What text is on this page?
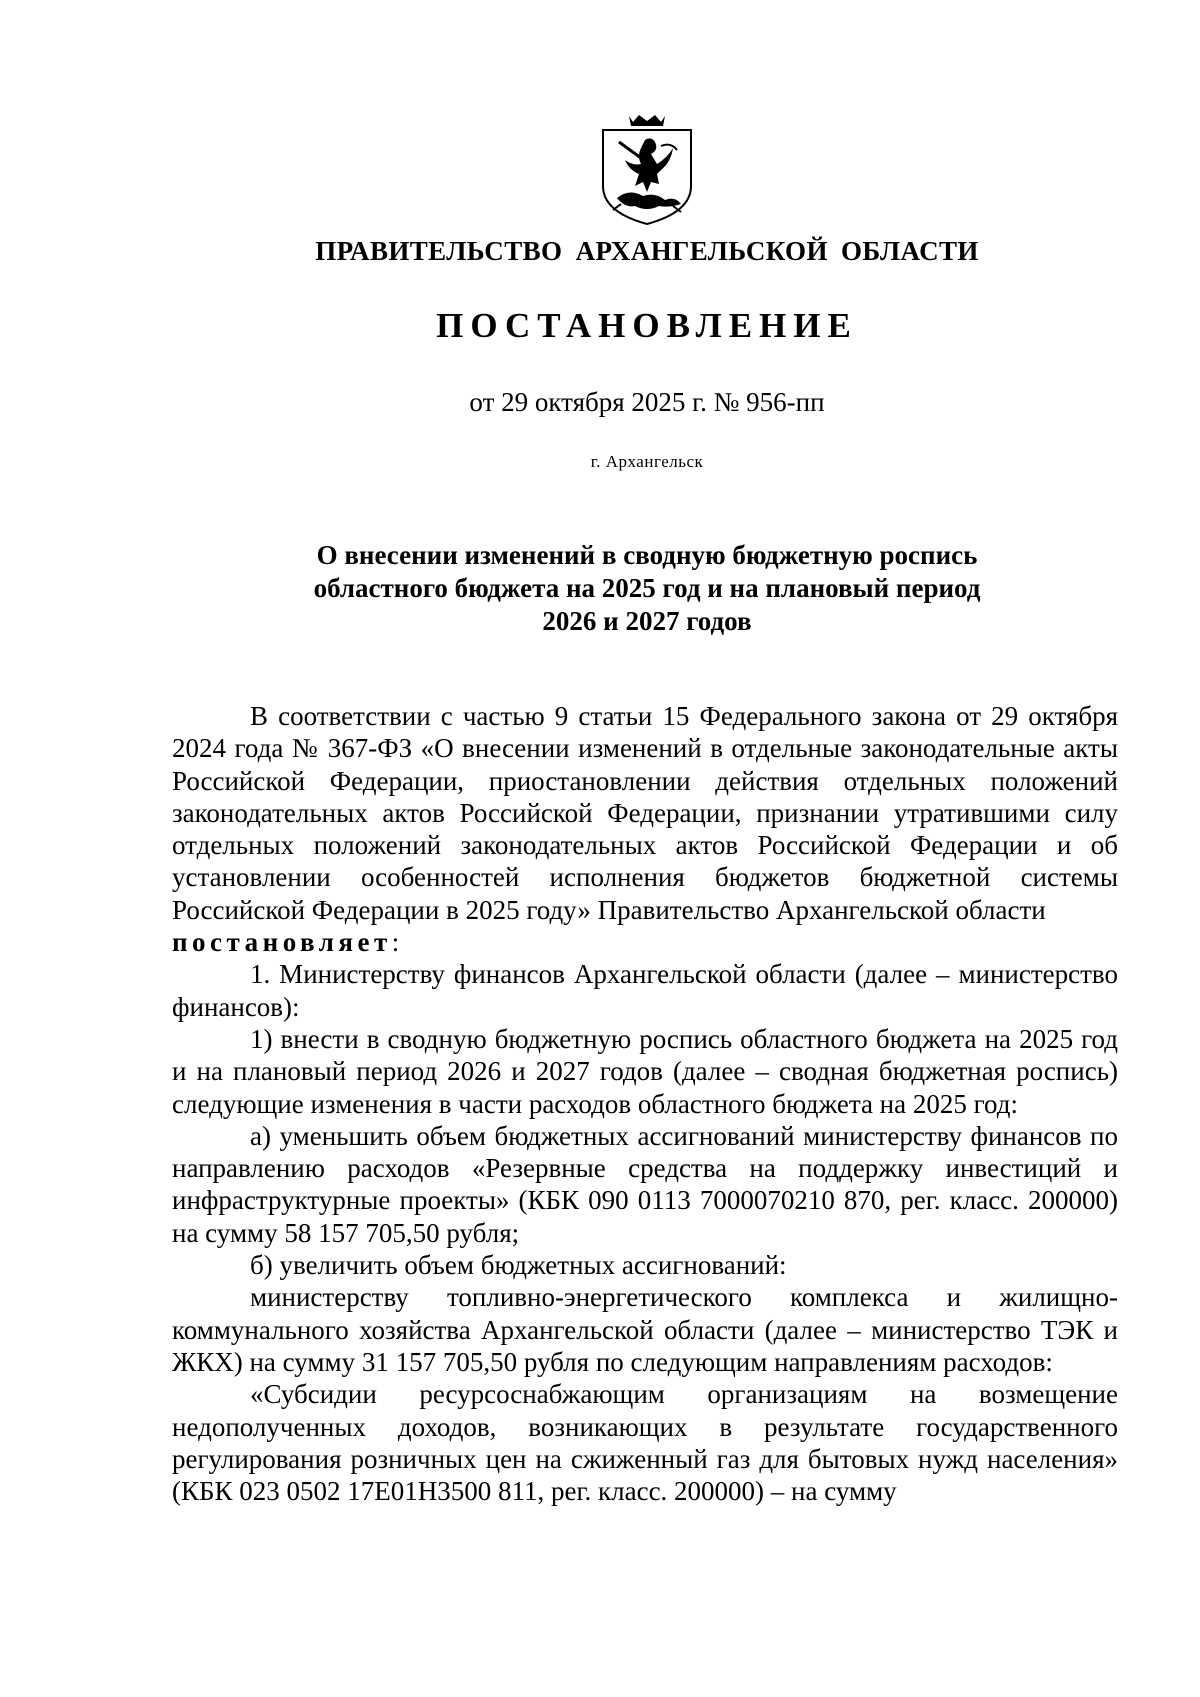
ПРАВИТЕЛЬСТВО АРХАНГЕЛЬСКОЙ ОБЛАСТИ
ПОСТАНОВЛЕНИЕ
от 29 октября 2025 г. № 956-пп
г. Архангельск
О внесении изменений в сводную бюджетную роспись
областного бюджета на 2025 год и на плановый период
2026 и 2027 годов

В соответствии с частью 9 статьи 15 Федерального закона от 29 октября 2024 года № 367-ФЗ «О внесении изменений в отдельные законодательные акты Российской Федерации, приостановлении действия отдельных положений законодательных актов Российской Федерации, признании утратившими силу отдельных положений законодательных актов Российской Федерации и об установлении особенностей исполнения бюджетов бюджетной системы Российской Федерации в 2025 году» Правительство Архангельской области

постановляет:

1. Министерству финансов Архангельской области (далее – министерство финансов):

1) внести в сводную бюджетную роспись областного бюджета на 2025 год и на плановый период 2026 и 2027 годов (далее – сводная бюджетная роспись) следующие изменения в части расходов областного бюджета на 2025 год:

а) уменьшить объем бюджетных ассигнований министерству финансов по направлению расходов «Резервные средства на поддержку инвестиций и инфраструктурные проекты» (КБК 090 0113 7000070210 870, рег. класс. 200000) на сумму 58 157 705,50 рубля;

б) увеличить объем бюджетных ассигнований:

министерству топливно-энергетического комплекса и жилищно-коммунального хозяйства Архангельской области (далее – министерство ТЭК и ЖКХ) на сумму 31 157 705,50 рубля по следующим направлениям расходов:

«Субсидии ресурсоснабжающим организациям на возмещение недополученных доходов, возникающих в результате государственного регулирования розничных цен на сжиженный газ для бытовых нужд населения» (КБК 023 0502 17Е01Н3500 811, рег. класс. 200000) – на сумму
